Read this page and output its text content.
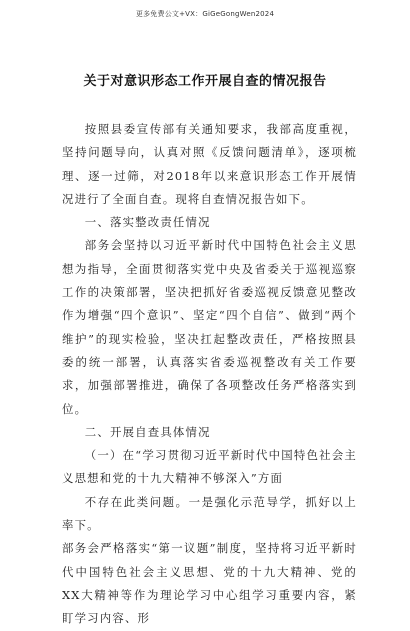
更多免费公文+VX：GiGeGongWen2024
关于对意识形态工作开展自查的情况报告

按照县委宣传部有关通知要求，我部高度重视，坚持问题导向，认真对照《反馈问题清单》，逐项梳理、逐一过筛，对2018年以来意识形态工作开展情况进行了全面自查。现将自查情况报告如下。

一、落实整改责任情况

部务会坚持以习近平新时代中国特色社会主义思想为指导，全面贯彻落实党中央及省委关于巡视巡察工作的决策部署，坚决把抓好省委巡视反馈意见整改作为增强“四个意识”、坚定“四个自信”、做到“两个维护”的现实检验，坚决扛起整改责任，严格按照县委的统一部署，认真落实省委巡视整改有关工作要求，加强部署推进，确保了各项整改任务严格落实到位。

二、开展自查具体情况

（一）在“学习贯彻习近平新时代中国特色社会主义思想和党的十九大精神不够深入”方面

不存在此类问题。一是强化示范导学，抓好以上率下。

部务会严格落实“第一议题”制度，坚持将习近平新时代中国特色社会主义思想、党的十九大精神、党的XX大精神等作为理论学习中心组学习重要内容，紧盯学习内容、形
